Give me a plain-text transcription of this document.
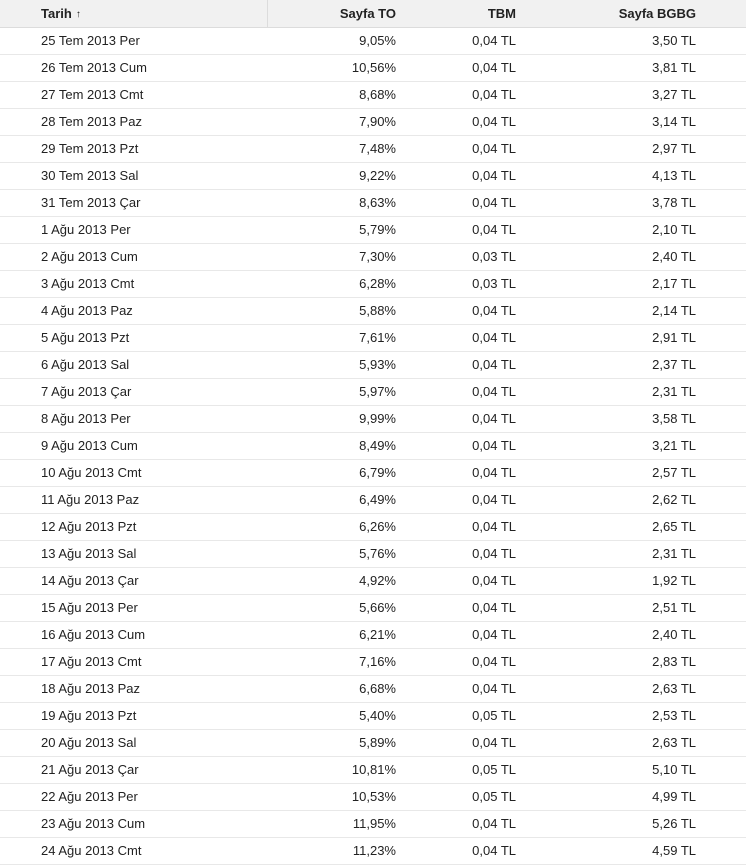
Tarih ↑	Sayfa TO	TBM	Sayfa BGBG
25 Tem 2013 Per	9,05%	0,04 TL	3,50 TL
26 Tem 2013 Cum	10,56%	0,04 TL	3,81 TL
27 Tem 2013 Cmt	8,68%	0,04 TL	3,27 TL
28 Tem 2013 Paz	7,90%	0,04 TL	3,14 TL
29 Tem 2013 Pzt	7,48%	0,04 TL	2,97 TL
30 Tem 2013 Sal	9,22%	0,04 TL	4,13 TL
31 Tem 2013 Çar	8,63%	0,04 TL	3,78 TL
1 Ağu 2013 Per	5,79%	0,04 TL	2,10 TL
2 Ağu 2013 Cum	7,30%	0,03 TL	2,40 TL
3 Ağu 2013 Cmt	6,28%	0,03 TL	2,17 TL
4 Ağu 2013 Paz	5,88%	0,04 TL	2,14 TL
5 Ağu 2013 Pzt	7,61%	0,04 TL	2,91 TL
6 Ağu 2013 Sal	5,93%	0,04 TL	2,37 TL
7 Ağu 2013 Çar	5,97%	0,04 TL	2,31 TL
8 Ağu 2013 Per	9,99%	0,04 TL	3,58 TL
9 Ağu 2013 Cum	8,49%	0,04 TL	3,21 TL
10 Ağu 2013 Cmt	6,79%	0,04 TL	2,57 TL
11 Ağu 2013 Paz	6,49%	0,04 TL	2,62 TL
12 Ağu 2013 Pzt	6,26%	0,04 TL	2,65 TL
13 Ağu 2013 Sal	5,76%	0,04 TL	2,31 TL
14 Ağu 2013 Çar	4,92%	0,04 TL	1,92 TL
15 Ağu 2013 Per	5,66%	0,04 TL	2,51 TL
16 Ağu 2013 Cum	6,21%	0,04 TL	2,40 TL
17 Ağu 2013 Cmt	7,16%	0,04 TL	2,83 TL
18 Ağu 2013 Paz	6,68%	0,04 TL	2,63 TL
19 Ağu 2013 Pzt	5,40%	0,05 TL	2,53 TL
20 Ağu 2013 Sal	5,89%	0,04 TL	2,63 TL
21 Ağu 2013 Çar	10,81%	0,05 TL	5,10 TL
22 Ağu 2013 Per	10,53%	0,05 TL	4,99 TL
23 Ağu 2013 Cum	11,95%	0,04 TL	5,26 TL
24 Ağu 2013 Cmt	11,23%	0,04 TL	4,59 TL
